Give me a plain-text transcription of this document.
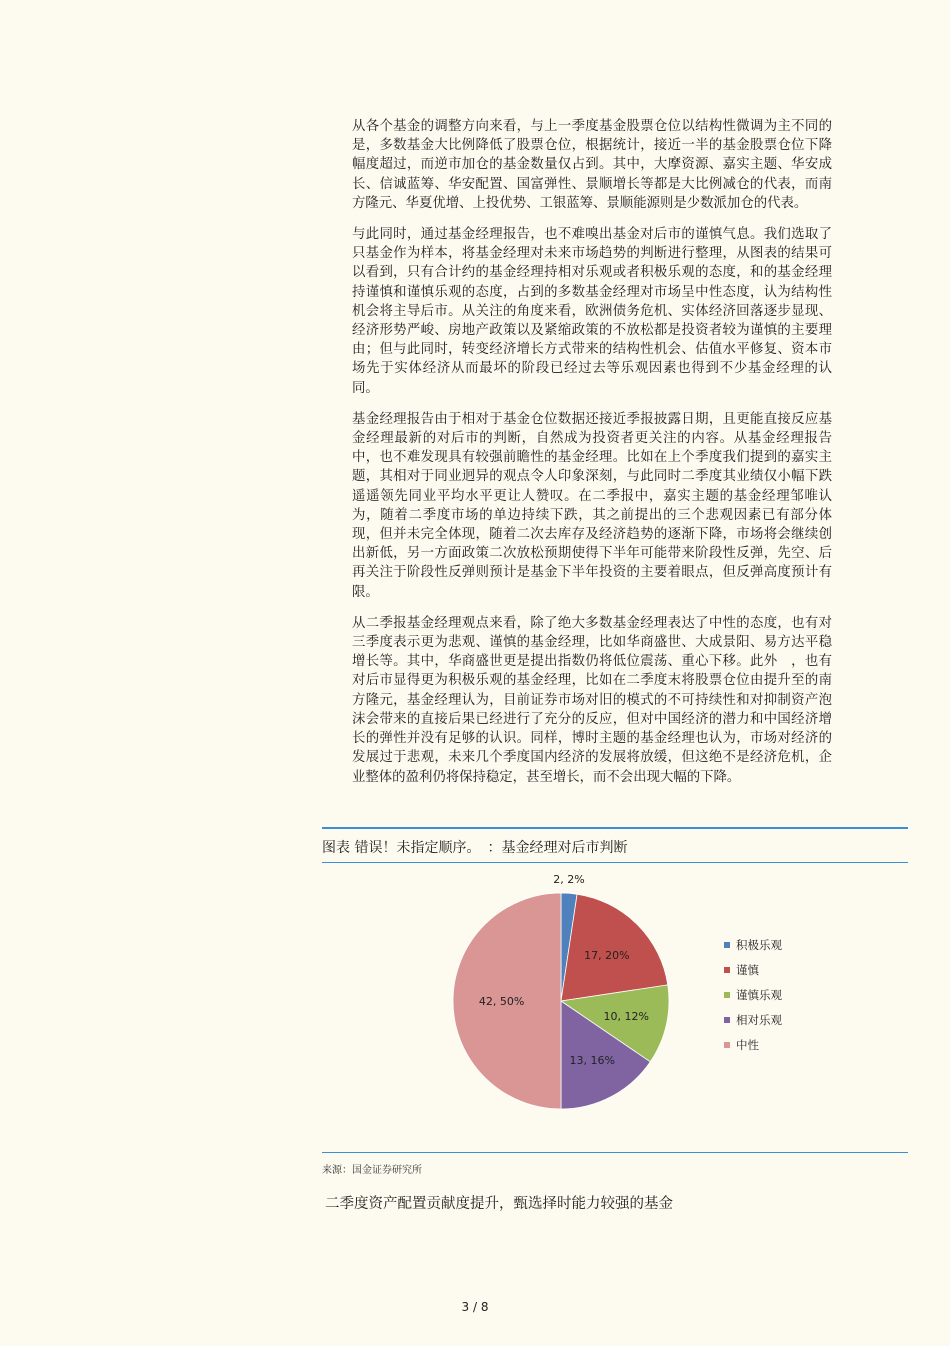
从各个基金的调整方向来看，与上一季度基金股票仓位以结构性微调为主不同的是，多数基金大比例降低了股票仓位，根据统计，接近一半的基金股票仓位下降幅度超过，而逆市加仓的基金数量仅占到。其中，大摩资源、嘉实主题、华安成长、信诚蓝筹、华安配置、国富弹性、景顺增长等都是大比例减仓的代表，而南方隆元、华夏优增、上投优势、工银蓝筹、景顺能源则是少数派加仓的代表。

与此同时，通过基金经理报告，也不难嗅出基金对后市的谨慎气息。我们选取了只基金作为样本，将基金经理对未来市场趋势的判断进行整理，从图表的结果可以看到，只有合计约的基金经理持相对乐观或者积极乐观的态度，和的基金经理持谨慎和谨慎乐观的态度，占到的多数基金经理对市场呈中性态度，认为结构性机会将主导后市。从关注的角度来看，欧洲债务危机、实体经济回落逐步显现、经济形势严峻、房地产政策以及紧缩政策的不放松都是投资者较为谨慎的主要理由；但与此同时，转变经济增长方式带来的结构性机会、估值水平修复、资本市场先于实体经济从而最坏的阶段已经过去等乐观因素也得到不少基金经理的认同。

基金经理报告由于相对于基金仓位数据还接近季报披露日期，且更能直接反应基金经理最新的对后市的判断，自然成为投资者更关注的内容。从基金经理报告中，也不难发现具有较强前瞻性的基金经理。比如在上个季度我们提到的嘉实主题，其相对于同业迥异的观点令人印象深刻，与此同时二季度其业绩仅小幅下跌遥遥领先同业平均水平更让人赞叹。在二季报中，嘉实主题的基金经理邹唯认为，随着二季度市场的单边持续下跌，其之前提出的三个悲观因素已有部分体现，但并未完全体现，随着二次去库存及经济趋势的逐渐下降，市场将会继续创出新低，另一方面政策二次放松预期使得下半年可能带来阶段性反弹，先空、后再关注于阶段性反弹则预计是基金下半年投资的主要着眼点，但反弹高度预计有限。

从二季报基金经理观点来看，除了绝大多数基金经理表达了中性的态度，也有对三季度表示更为悲观、谨慎的基金经理，比如华商盛世、大成景阳、易方达平稳增长等。其中，华商盛世更是提出指数仍将低位震荡、重心下移。此外　，也有对后市显得更为积极乐观的基金经理，比如在二季度末将股票仓位由提升至的南方隆元，基金经理认为，目前证券市场对旧的模式的不可持续性和对抑制资产泡沫会带来的直接后果已经进行了充分的反应，但对中国经济的潜力和中国经济增长的弹性并没有足够的认识。同样，博时主题的基金经理也认为，市场对经济的发展过于悲观，未来几个季度国内经济的发展将放缓，但这绝不是经济危机，企业整体的盈利仍将保持稳定，甚至增长，而不会出现大幅的下降。

图表 错误！未指定顺序。　：基金经理对后市判断
2, 2%
17, 20%
10, 12%
13, 16%
42, 50%
积极乐观
谨慎
谨慎乐观
相对乐观
中性
来源：国金证券研究所
二季度资产配置贡献度提升，甄选择时能力较强的基金
3 / 8
